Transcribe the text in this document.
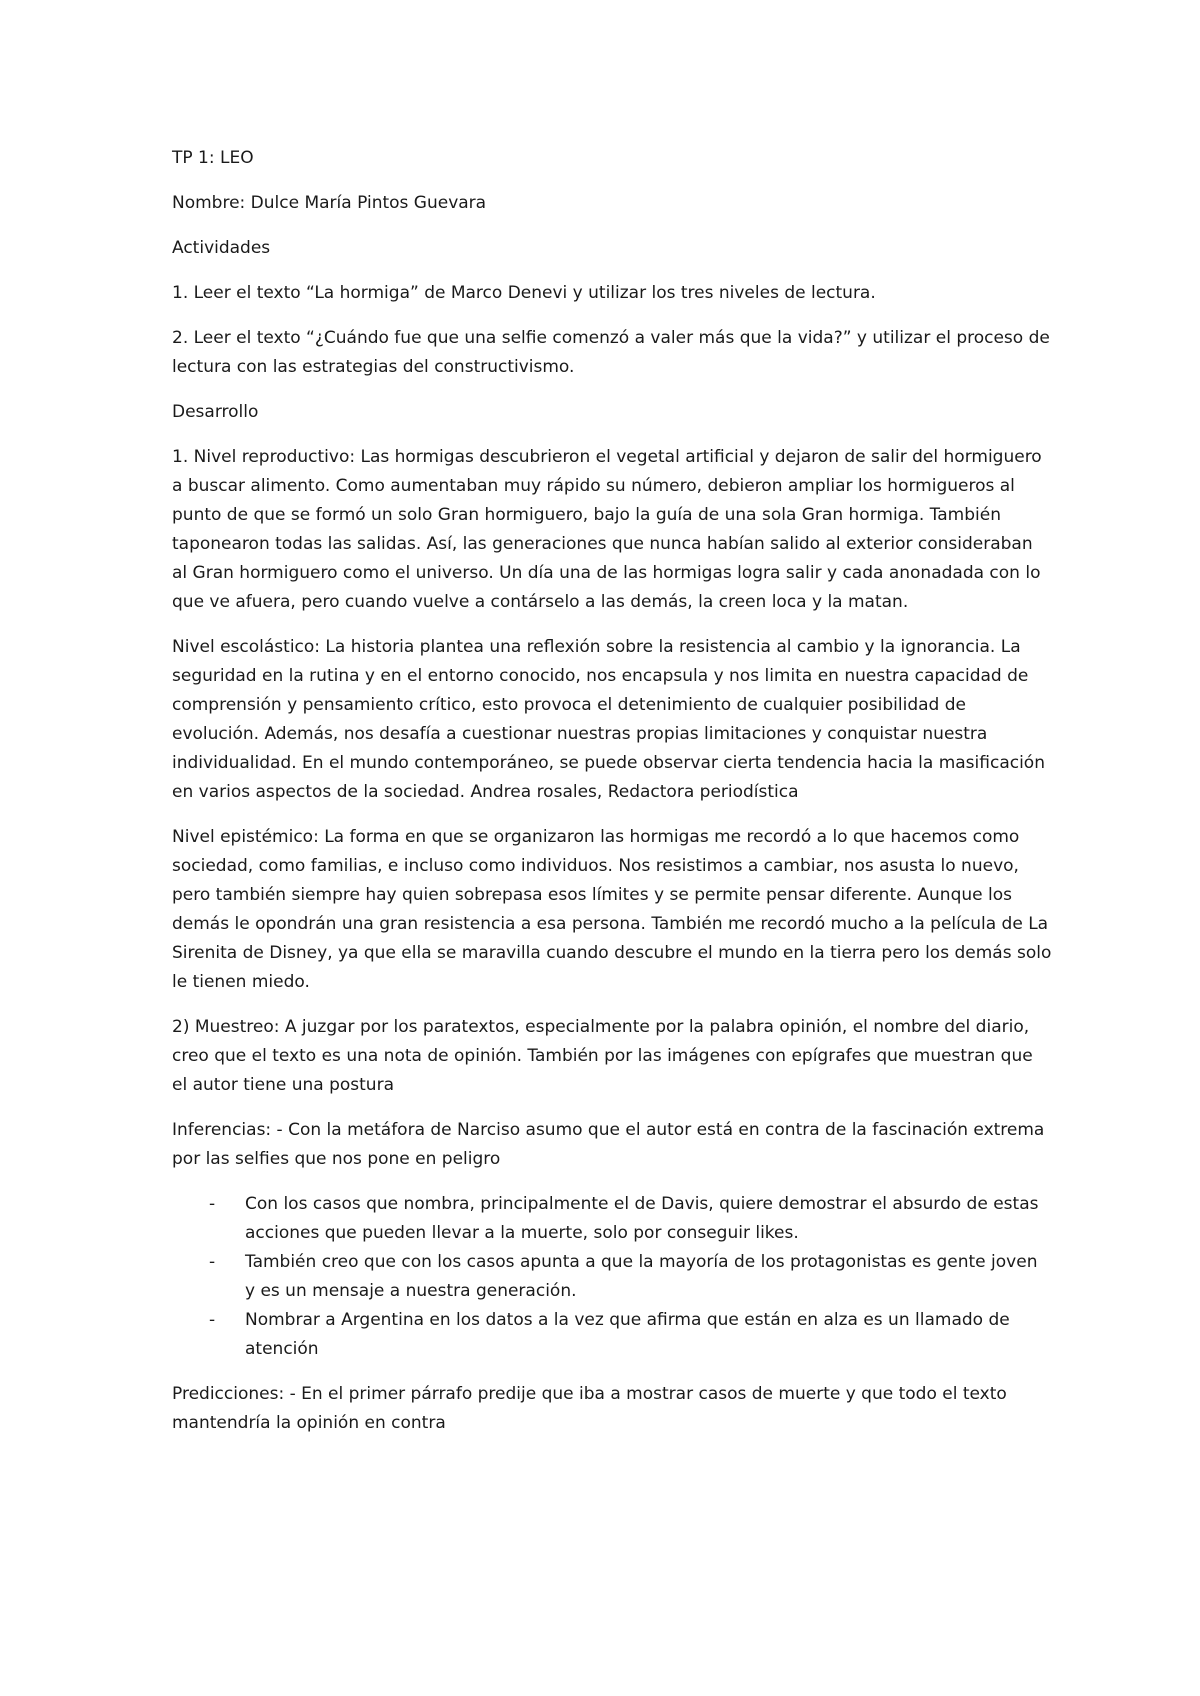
TP 1: LEO

Nombre: Dulce María Pintos Guevara

Actividades

1. Leer el texto “La hormiga” de Marco Denevi y utilizar los tres niveles de lectura.

2. Leer el texto “¿Cuándo fue que una selfie comenzó a valer más que la vida?” y utilizar el proceso de lectura con las estrategias del constructivismo.

Desarrollo

1. Nivel reproductivo: Las hormigas descubrieron el vegetal artificial y dejaron de salir del hormiguero a buscar alimento. Como aumentaban muy rápido su número, debieron ampliar los hormigueros al punto de que se formó un solo Gran hormiguero, bajo la guía de una sola Gran hormiga. También taponearon todas las salidas. Así, las generaciones que nunca habían salido al exterior consideraban al Gran hormiguero como el universo. Un día una de las hormigas logra salir y cada anonadada con lo que ve afuera, pero cuando vuelve a contárselo a las demás, la creen loca y la matan.

Nivel escolástico: La historia plantea una reflexión sobre la resistencia al cambio y la ignorancia. La seguridad en la rutina y en el entorno conocido, nos encapsula y nos limita en nuestra capacidad de comprensión y pensamiento crítico, esto provoca el detenimiento de cualquier posibilidad de evolución. Además, nos desafía a cuestionar nuestras propias limitaciones y conquistar nuestra individualidad. En el mundo contemporáneo, se puede observar cierta tendencia hacia la masificación en varios aspectos de la sociedad. Andrea rosales, Redactora periodística

Nivel epistémico: La forma en que se organizaron las hormigas me recordó a lo que hacemos como sociedad, como familias, e incluso como individuos. Nos resistimos a cambiar, nos asusta lo nuevo, pero también siempre hay quien sobrepasa esos límites y se permite pensar diferente. Aunque los demás le opondrán una gran resistencia a esa persona. También me recordó mucho a la película de La Sirenita de Disney, ya que ella se maravilla cuando descubre el mundo en la tierra pero los demás solo le tienen miedo.

2) Muestreo: A juzgar por los paratextos, especialmente por la palabra opinión, el nombre del diario, creo que el texto es una nota de opinión. También por las imágenes con epígrafes que muestran que el autor tiene una postura

Inferencias: - Con la metáfora de Narciso asumo que el autor está en contra de la fascinación extrema por las selfies que nos pone en peligro

- Con los casos que nombra, principalmente el de Davis, quiere demostrar el absurdo de estas acciones que pueden llevar a la muerte, solo por conseguir likes.
- También creo que con los casos apunta a que la mayoría de los protagonistas es gente joven y es un mensaje a nuestra generación.
- Nombrar a Argentina en los datos a la vez que afirma que están en alza es un llamado de atención

Predicciones: - En el primer párrafo predije que iba a mostrar casos de muerte y que todo el texto mantendría la opinión en contra
